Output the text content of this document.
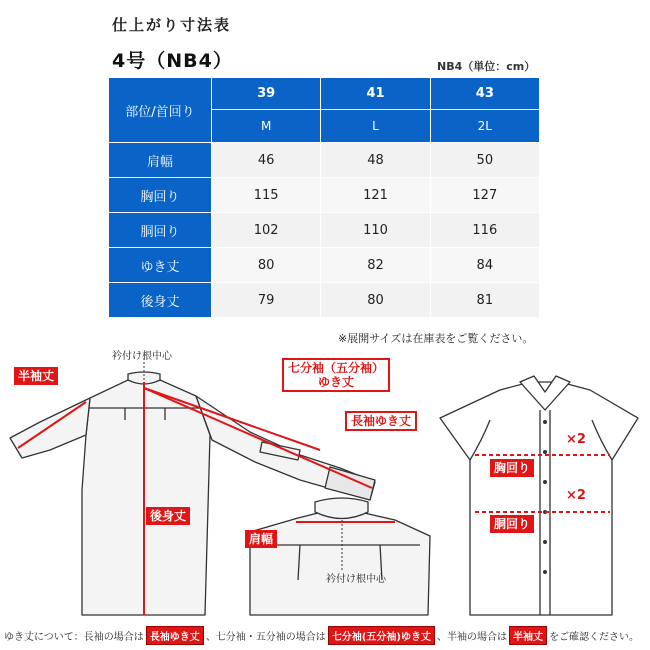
仕上がり寸法表
4号（NB4）	NB4（単位：cm）
部位/首回り	39	41	43
	M	L	2L
肩幅	46	48	50
胸回り	115	121	127
胴回り	102	110	116
ゆき丈	80	82	84
後身丈	79	80	81
※展開サイズは在庫表をご覧ください。
衿付け根中心
半袖丈
七分袖（五分袖）
ゆき丈
長袖ゆき丈
後身丈
肩幅
衿付け根中心
胸回り
胴回り
×2
×2
ゆき丈について：長袖の場合は 長袖ゆき丈 、七分袖・五分袖の場合は 七分袖(五分袖)ゆき丈 、半袖の場合は 半袖丈 をご確認ください。
